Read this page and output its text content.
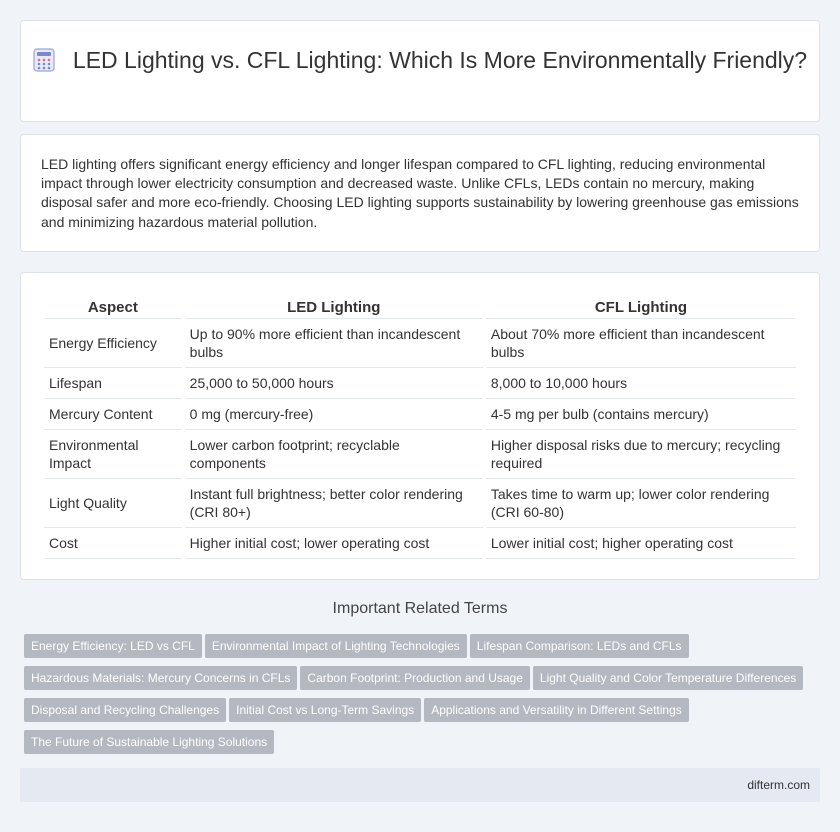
LED Lighting vs. CFL Lighting: Which Is More Environmentally Friendly?

LED lighting offers significant energy efficiency and longer lifespan compared to CFL lighting, reducing environmental impact through lower electricity consumption and decreased waste. Unlike CFLs, LEDs contain no mercury, making disposal safer and more eco-friendly. Choosing LED lighting supports sustainability by lowering greenhouse gas emissions and minimizing hazardous material pollution.

Aspect	LED Lighting	CFL Lighting
Energy Efficiency	Up to 90% more efficient than incandescent bulbs	About 70% more efficient than incandescent bulbs
Lifespan	25,000 to 50,000 hours	8,000 to 10,000 hours
Mercury Content	0 mg (mercury-free)	4-5 mg per bulb (contains mercury)
Environmental Impact	Lower carbon footprint; recyclable components	Higher disposal risks due to mercury; recycling required
Light Quality	Instant full brightness; better color rendering (CRI 80+)	Takes time to warm up; lower color rendering (CRI 60-80)
Cost	Higher initial cost; lower operating cost	Lower initial cost; higher operating cost
Important Related Terms
Energy Efficiency: LED vs CFL Environmental Impact of Lighting Technologies Lifespan Comparison: LEDs and CFLs
Hazardous Materials: Mercury Concerns in CFLs Carbon Footprint: Production and Usage Light Quality and Color Temperature Differences
Disposal and Recycling Challenges Initial Cost vs Long-Term Savings Applications and Versatility in Different Settings
The Future of Sustainable Lighting Solutions
difterm.com
